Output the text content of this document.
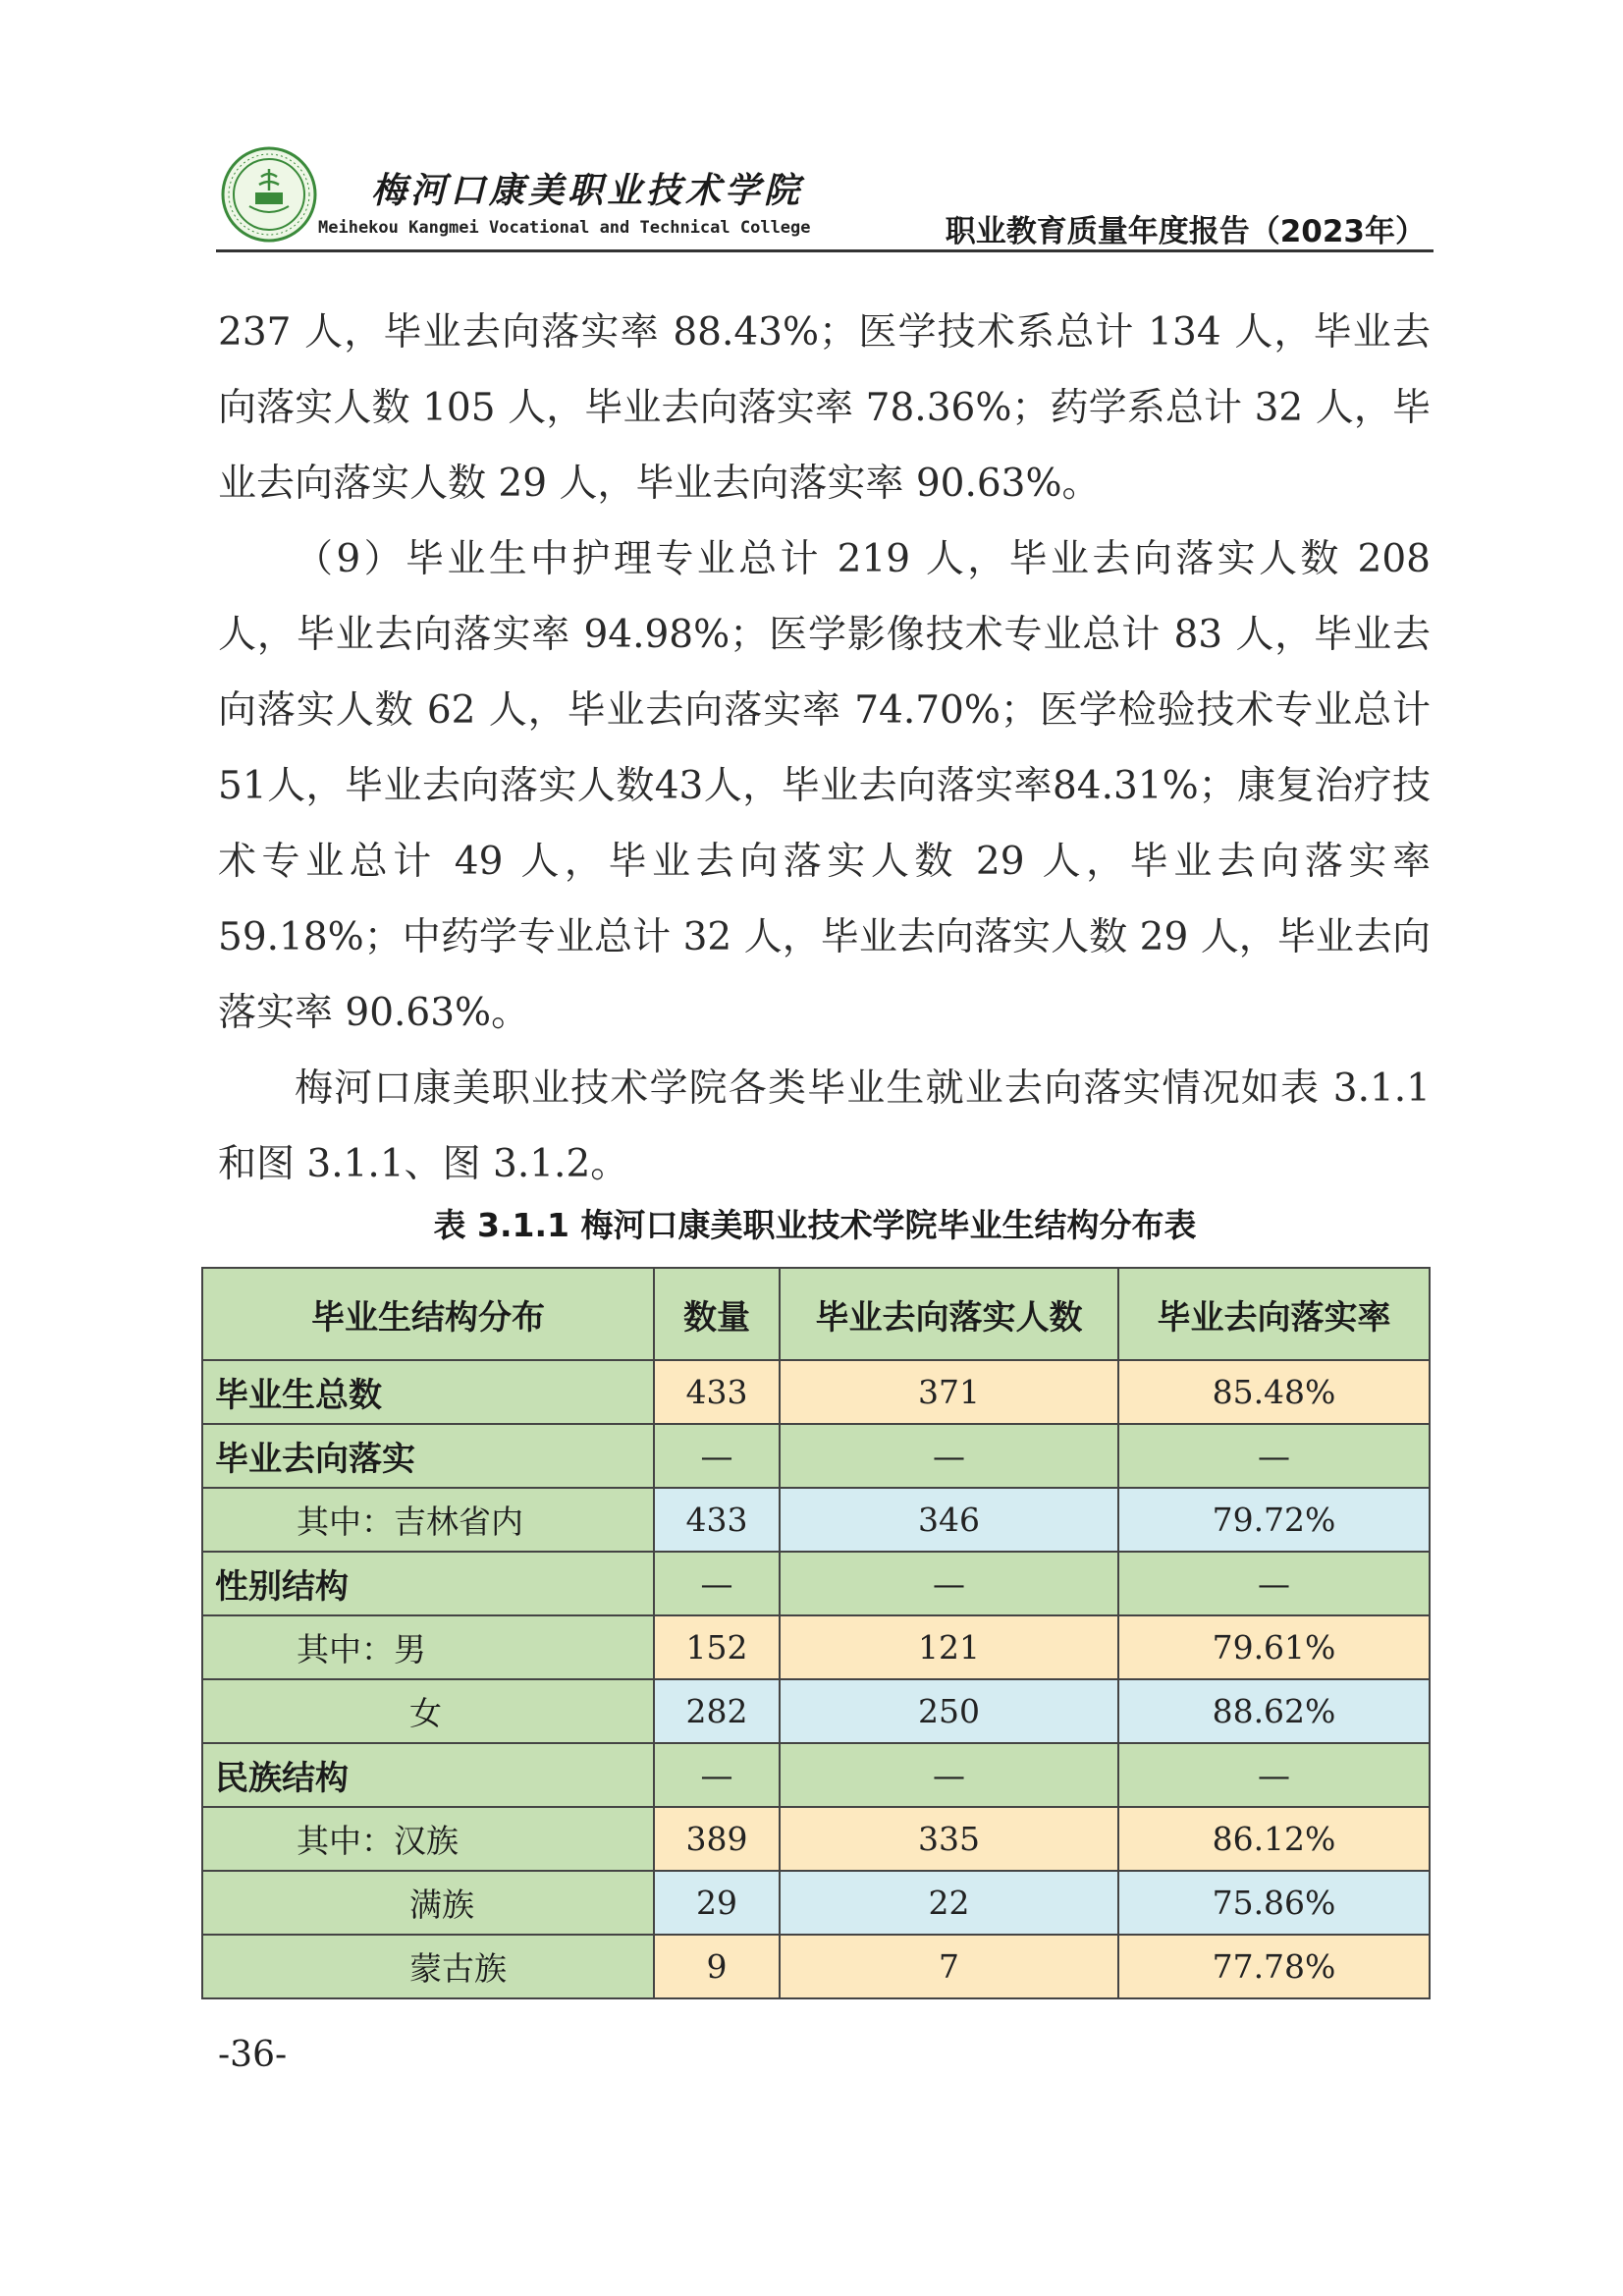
梅河口康美职业技术学院
Meihekou Kangmei Vocational and Technical College	职业教育质量年度报告（2023年）

237 人，毕业去向落实率 88.43%；医学技术系总计 134 人，毕业去向落实人数 105 人，毕业去向落实率 78.36%；药学系总计 32 人，毕业去向落实人数 29 人，毕业去向落实率 90.63%。

（9）毕业生中护理专业总计 219 人，毕业去向落实人数 208 人，毕业去向落实率 94.98%；医学影像技术专业总计 83 人，毕业去向落实人数 62 人，毕业去向落实率 74.70%；医学检验技术专业总计51人，毕业去向落实人数43人，毕业去向落实率84.31%；康复治疗技术专业总计 49 人，毕业去向落实人数 29 人，毕业去向落实率 59.18%；中药学专业总计 32 人，毕业去向落实人数 29 人，毕业去向落实率 90.63%。

梅河口康美职业技术学院各类毕业生就业去向落实情况如表 3.1.1 和图 3.1.1、图 3.1.2。

表 3.1.1 梅河口康美职业技术学院毕业生结构分布表
毕业生结构分布	数量	毕业去向落实人数	毕业去向落实率
毕业生总数	433	371	85.48%
毕业去向落实	—	—	—
其中：吉林省内	433	346	79.72%
性别结构	—	—	—
其中：男	152	121	79.61%
女	282	250	88.62%
民族结构	—	—	—
其中：汉族	389	335	86.12%
满族	29	22	75.86%
蒙古族	9	7	77.78%
-36-
